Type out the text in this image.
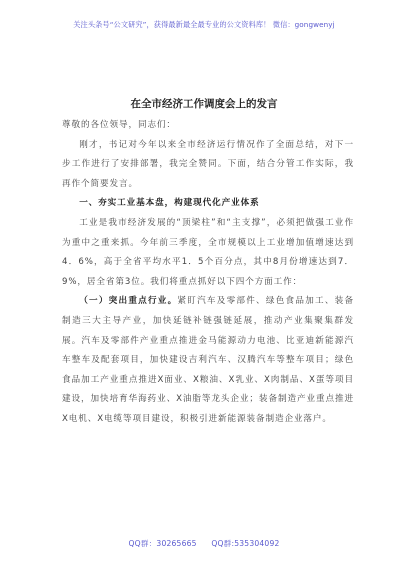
关注头条号“公文研究”，获得最新最全最专业的公文资料库！ 微信：gongwenyj
在全市经济工作调度会上的发言

尊敬的各位领导，同志们：

刚才，书记对今年以来全市经济运行情况作了全面总结，对下一步工作进行了安排部署，我完全赞同。下面，结合分管工作实际，我再作个简要发言。

一、夯实工业基本盘，构建现代化产业体系

工业是我市经济发展的“顶梁柱”和“主支撑”，必须把做强工业作为重中之重来抓。今年前三季度，全市规模以上工业增加值增速达到4．6%，高于全省平均水平1．5个百分点，其中8月份增速达到7．9%，居全省第3位。我们将重点抓好以下四个方面工作：

（一）突出重点行业。紧盯汽车及零部件、绿色食品加工、装备制造三大主导产业，加快延链补链强链延展，推动产业集聚集群发展。汽车及零部件产业重点推进金马能源动力电池、比亚迪新能源汽车整车及配套项目，加快建设吉利汽车、汉腾汽车等整车项目；绿色食品加工产业重点推进X面业、X粮油、X乳业、X肉制品、X蛋等项目建设，加快培育华海药业、X油脂等龙头企业；装备制造产业重点推进X电机、X电缆等项目建设，积极引进新能源装备制造企业落户。

QQ群：30265665 QQ群:535304092
